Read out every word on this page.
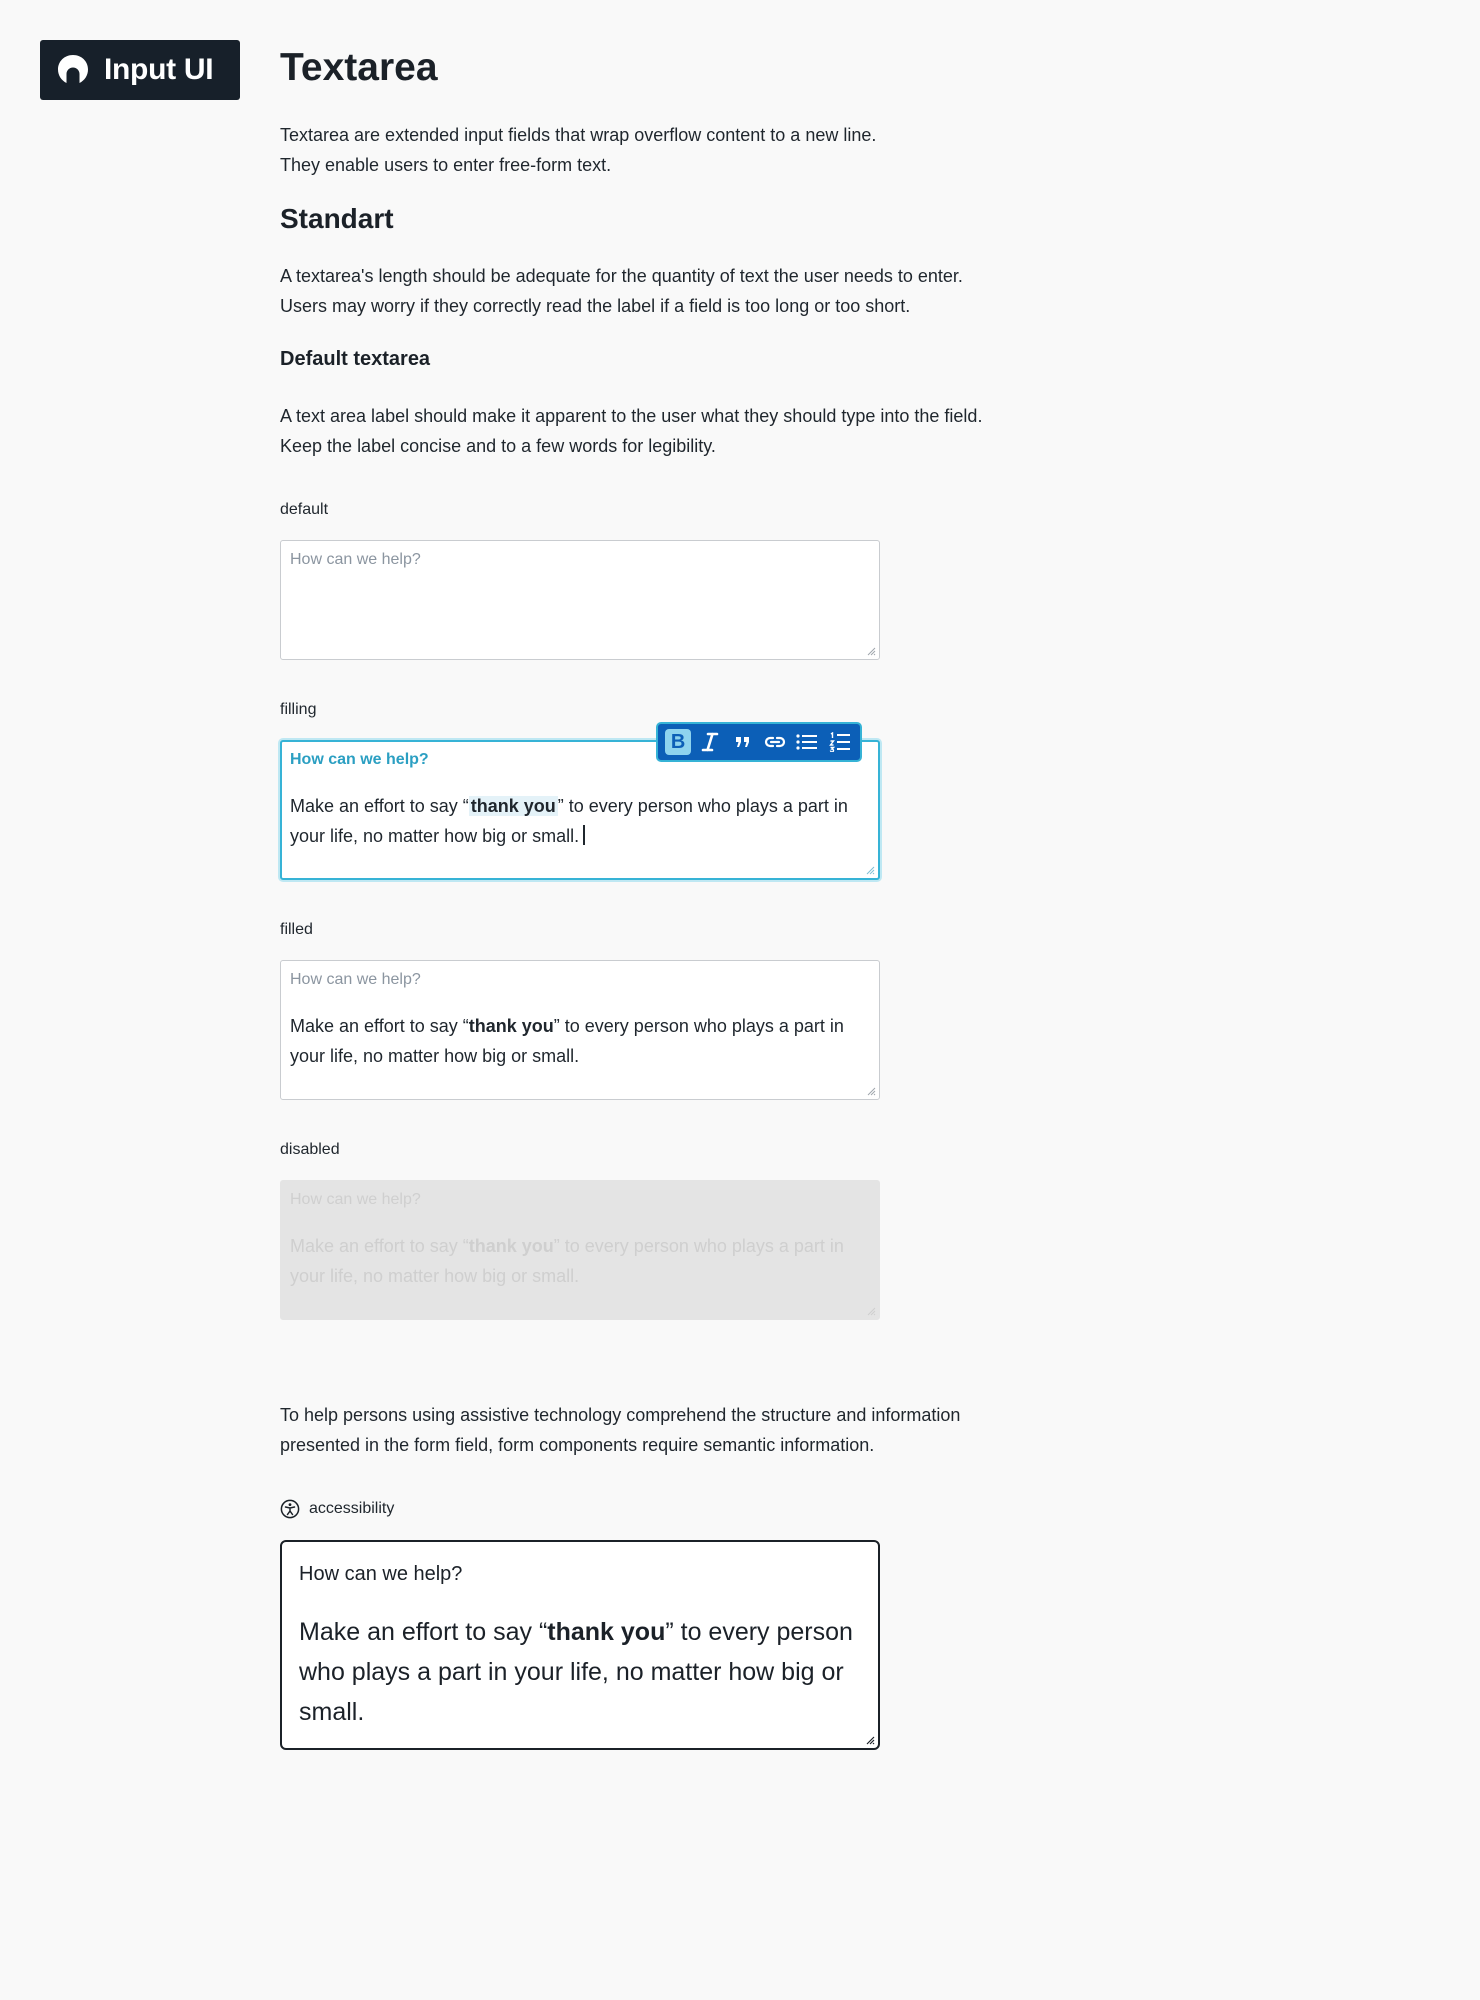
Input UI Textarea
Textarea are extended input fields that wrap overflow content to a new line.
They enable users to enter free-form text.
Standart
A textarea's length should be adequate for the quantity of text the user needs to enter.
Users may worry if they correctly read the label if a field is too long or too short.
Default textarea
A text area label should make it apparent to the user what they should type into the field.
Keep the label concise and to a few words for legibility.
default
How can we help?
filling
How can we help?
Make an effort to say “ thank you ” to every person who plays a part in your life, no matter how big or small.
B
filled
How can we help?
Make an effort to say “thank you” to every person who plays a part in your life, no matter how big or small.
disabled
How can we help?
Make an effort to say “thank you” to every person who plays a part in your life, no matter how big or small.
To help persons using assistive technology comprehend the structure and information
presented in the form field, form components require semantic information.
accessibility
How can we help?
Make an effort to say “thank you” to every person who plays a part in your life, no matter how big or small.
